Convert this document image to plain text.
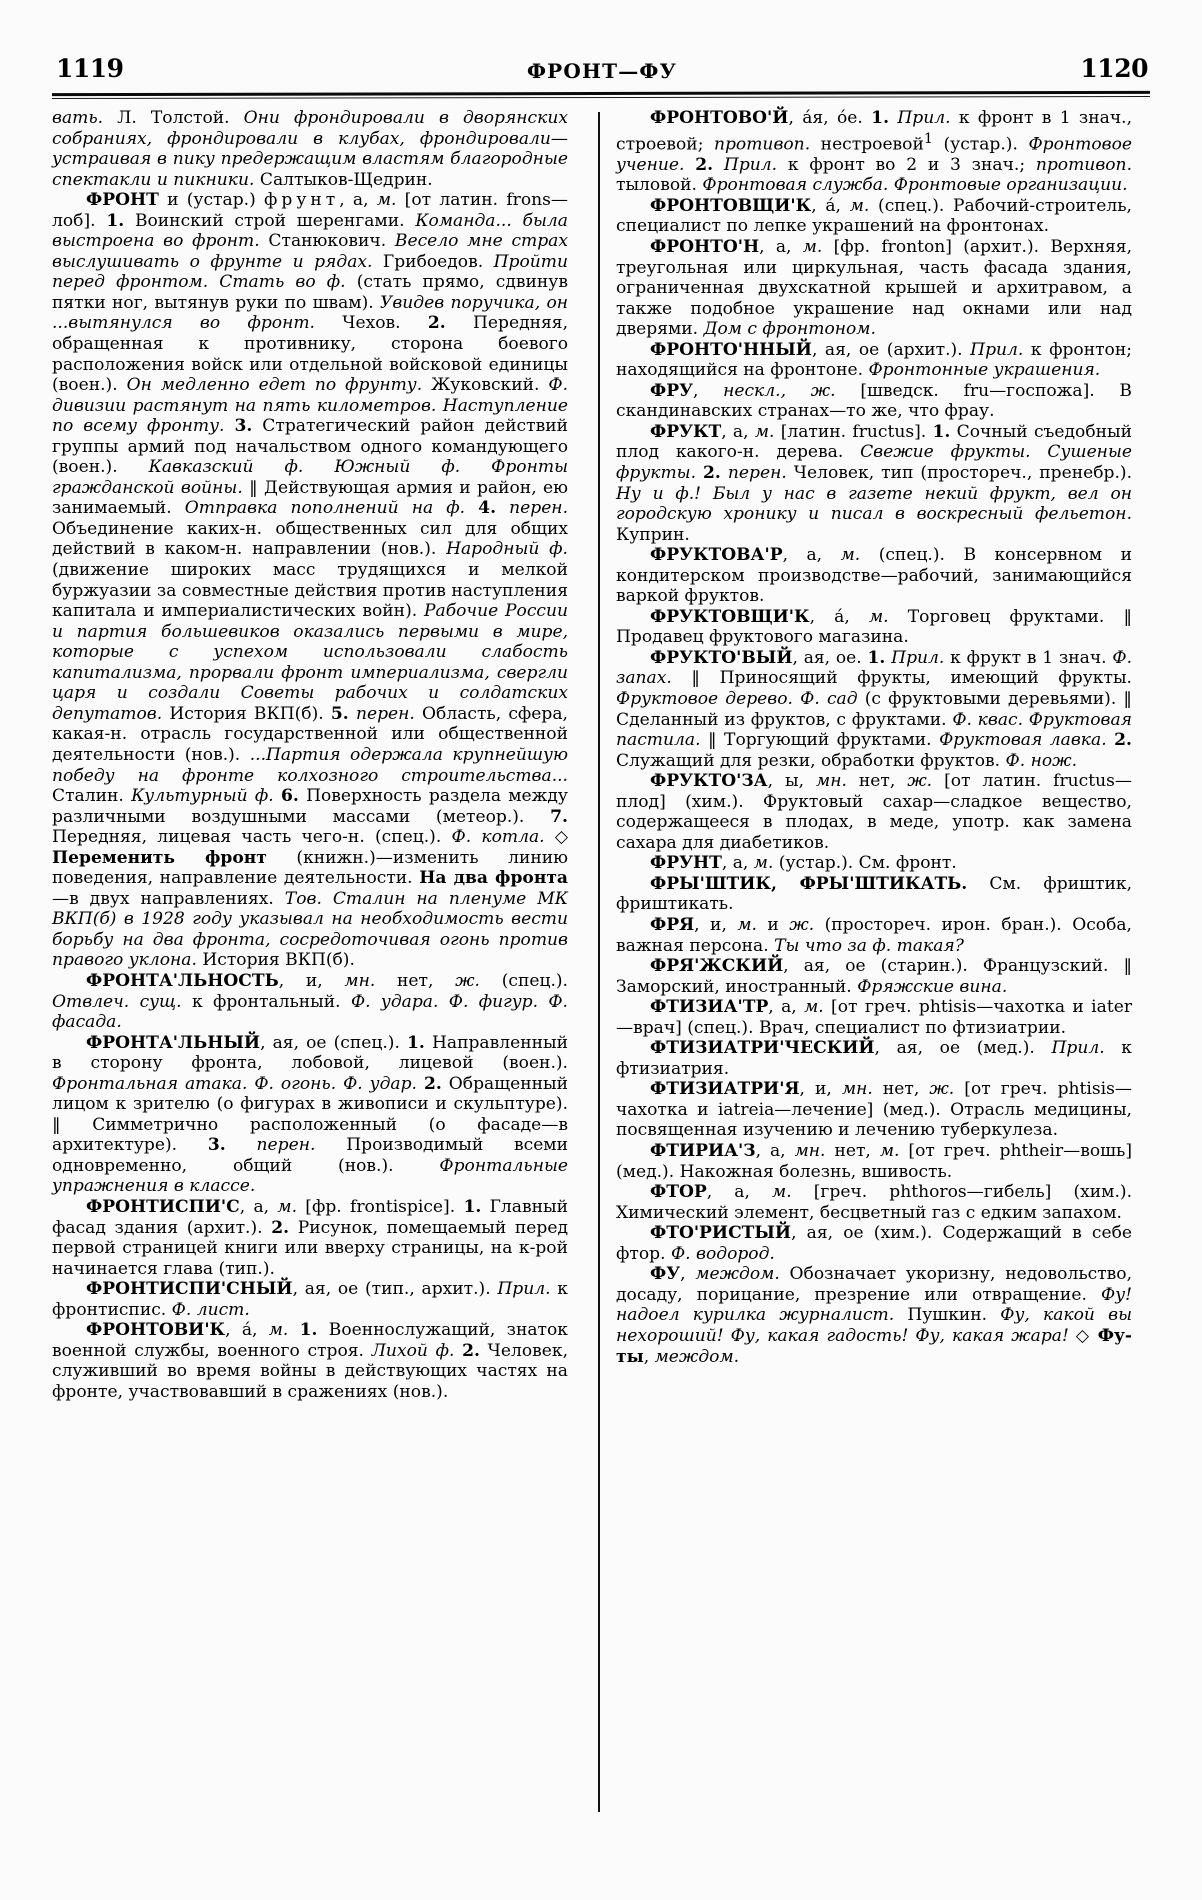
1119	ФРОНТ—ФУ	1120

вать. Л. Толстой. Они фрондировали в дворянских собраниях, фрондировали в клубах, фрондировали—устраивая в пику предержащим властям благородные спектакли и пикники. Салтыков-Щедрин.

ФРОНТ и (устар.) фрунт, а, м. [от латин. frons—лоб]. 1. Воинский строй шеренгами. Команда... была выстроена во фронт. Станюкович. Весело мне страх выслушивать о фрунте и рядах. Грибоедов. Пройти перед фронтом. Стать во ф. (стать прямо, сдвинув пятки ног, вытянув руки по швам). Увидев поручика, он ...вытянулся во фронт. Чехов. 2. Передняя, обращенная к противнику, сторона боевого расположения войск или отдельной войсковой единицы (воен.). Он медленно едет по фрунту. Жуковский. Ф. дивизии растянут на пять километров. Наступление по всему фронту. 3. Стратегический район действий группы армий под начальством одного командующего (воен.). Кавказский ф. Южный ф. Фронты гражданской войны. ‖ Действующая армия и район, ею занимаемый. Отправка пополнений на ф. 4. перен. Объединение каких-н. общественных сил для общих действий в каком-н. направлении (нов.). Народный ф. (движение широких масс трудящихся и мелкой буржуазии за совместные действия против наступления капитала и империалистических войн). Рабочие России и партия большевиков оказались первыми в мире, которые с успехом использовали слабость капитализма, прорвали фронт империализма, свергли царя и создали Советы рабочих и солдатских депутатов. История ВКП(б). 5. перен. Область, сфера, какая-н. отрасль государственной или общественной деятельности (нов.). ...Партия одержала крупнейшую победу на фронте колхозного строительства... Сталин. Культурный ф. 6. Поверхность раздела между различными воздушными массами (метеор.). 7. Передняя, лицевая часть чего-н. (спец.). Ф. котла. ◇ Переменить фронт (книжн.)—изменить линию поведения, направление деятельности. На два фронта—в двух направлениях. Тов. Сталин на пленуме МК ВКП(б) в 1928 году указывал на необходимость вести борьбу на два фронта, сосредоточивая огонь против правого уклона. История ВКП(б).

ФРОНТА'ЛЬНОСТЬ, и, мн. нет, ж. (спец.). Отвлеч. сущ. к фронтальный. Ф. удара. Ф. фигур. Ф. фасада.

ФРОНТА'ЛЬНЫЙ, ая, ое (спец.). 1. Направленный в сторону фронта, лобовой, лицевой (воен.). Фронтальная атака. Ф. огонь. Ф. удар. 2. Обращенный лицом к зрителю (о фигурах в живописи и скульптуре). ‖ Симметрично расположенный (о фасаде—в архитектуре). 3. перен. Производимый всеми одновременно, общий (нов.). Фронтальные упражнения в классе.

ФРОНТИСПИ'С, а, м. [фр. frontispice]. 1. Главный фасад здания (архит.). 2. Рисунок, помещаемый перед первой страницей книги или вверху страницы, на к-рой начинается глава (тип.).

ФРОНТИСПИ'СНЫЙ, ая, ое (тип., архит.). Прил. к фронтиспис. Ф. лист.

ФРОНТОВИ'К, а́, м. 1. Военнослужащий, знаток военной службы, военного строя. Лихой ф. 2. Человек, служивший во время войны в действующих частях на фронте, участвовавший в сражениях (нов.).

ФРОНТОВО'Й, а́я, о́е. 1. Прил. к фронт в 1 знач., строевой; противоп. нестроевой$^1$ (устар.). Фронтовое учение. 2. Прил. к фронт во 2 и 3 знач.; противоп. тыловой. Фронтовая служба. Фронтовые организации.

ФРОНТОВЩИ'К, а́, м. (спец.). Рабочий-строитель, специалист по лепке украшений на фронтонах.

ФРОНТО'Н, а, м. [фр. fronton] (архит.). Верхняя, треугольная или циркульная, часть фасада здания, ограниченная двухскатной крышей и архитравом, а также подобное украшение над окнами или над дверями. Дом с фронтоном.

ФРОНТО'ННЫЙ, ая, ое (архит.). Прил. к фронтон; находящийся на фронтоне. Фронтонные украшения.

ФРУ, нескл., ж. [шведск. fru—госпожа]. В скандинавских странах—то же, что фрау.

ФРУКТ, а, м. [латин. fructus]. 1. Сочный съедобный плод какого-н. дерева. Свежие фрукты. Сушеные фрукты. 2. перен. Человек, тип (простореч., пренебр.). Ну и ф.! Был у нас в газете некий фрукт, вел он городскую хронику и писал в воскресный фельетон. Куприн.

ФРУКТОВА'Р, а, м. (спец.). В консервном и кондитерском производстве—рабочий, занимающийся варкой фруктов.

ФРУКТОВЩИ'К, а́, м. Торговец фруктами. ‖ Продавец фруктового магазина.

ФРУКТО'ВЫЙ, ая, ое. 1. Прил. к фрукт в 1 знач. Ф. запах. ‖ Приносящий фрукты, имеющий фрукты. Фруктовое дерево. Ф. сад (с фруктовыми деревьями). ‖ Сделанный из фруктов, с фруктами. Ф. квас. Фруктовая пастила. ‖ Торгующий фруктами. Фруктовая лавка. 2. Служащий для резки, обработки фруктов. Ф. нож.

ФРУКТО'ЗА, ы, мн. нет, ж. [от латин. fructus—плод] (хим.). Фруктовый сахар—сладкое вещество, содержащееся в плодах, в меде, употр. как замена сахара для диабетиков.

ФРУНТ, а, м. (устар.). См. фронт.

ФРЫ'ШТИК, ФРЫ'ШТИКАТЬ. См. фриштик, фриштикать.

ФРЯ, и, м. и ж. (простореч. ирон. бран.). Особа, важная персона. Ты что за ф. такая?

ФРЯ'ЖСКИЙ, ая, ое (старин.). Французский. ‖ Заморский, иностранный. Фряжские вина.

ФТИЗИА'ТР, а, м. [от греч. phtisis—чахотка и iater—врач] (спец.). Врач, специалист по фтизиатрии.

ФТИЗИАТРИ'ЧЕСКИЙ, ая, ое (мед.). Прил. к фтизиатрия.

ФТИЗИАТРИ'Я, и, мн. нет, ж. [от греч. phtisis—чахотка и iatreia—лечение] (мед.). Отрасль медицины, посвященная изучению и лечению туберкулеза.

ФТИРИА'З, а, мн. нет, м. [от греч. phtheir—вошь] (мед.). Накожная болезнь, вшивость.

ФТОР, а, м. [греч. phthoros—гибель] (хим.). Химический элемент, бесцветный газ с едким запахом.

ФТО'РИСТЫЙ, ая, ое (хим.). Содержащий в себе фтор. Ф. водород.

ФУ, междом. Обозначает укоризну, недовольство, досаду, порицание, презрение или отвращение. Фу! надоел курилка журналист. Пушкин. Фу, какой вы нехороший! Фу, какая гадость! Фу, какая жара! ◇ Фу-ты, междом.
